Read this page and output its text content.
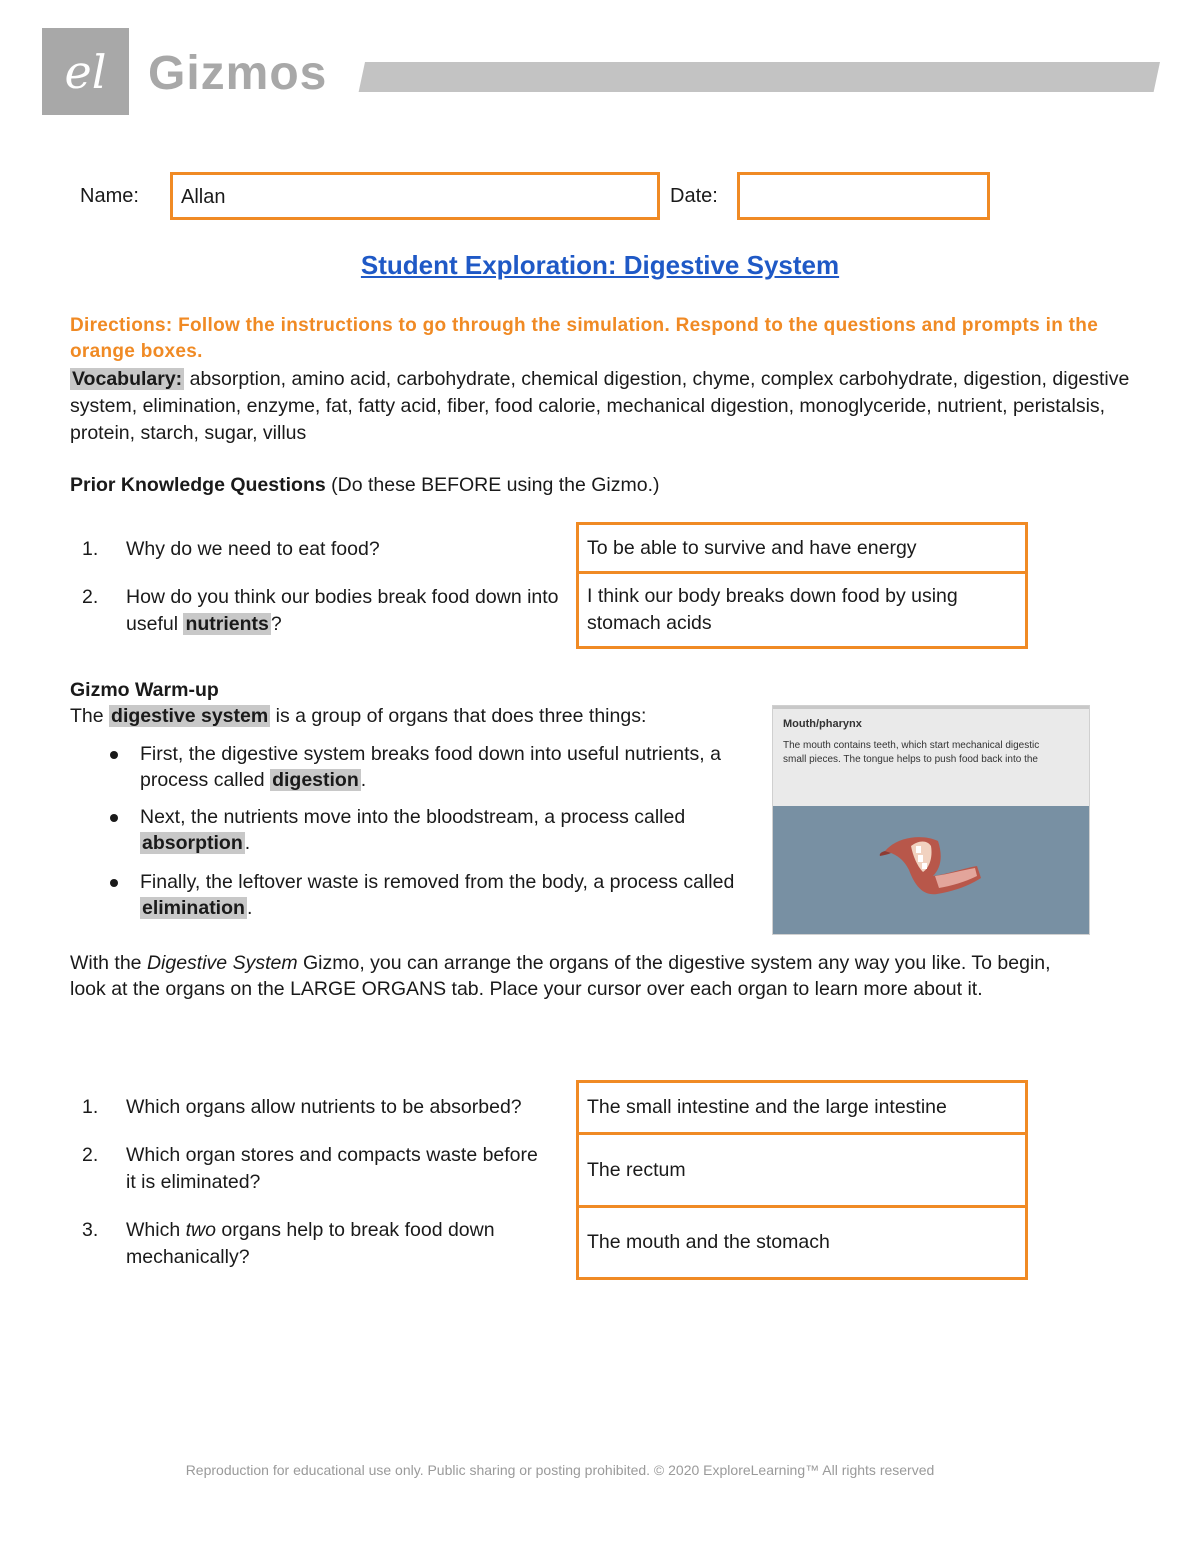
el Gizmos
Name:	Allan	Date:
Student Exploration: Digestive System
Directions: Follow the instructions to go through the simulation. Respond to the questions and prompts in the orange boxes.
Vocabulary: absorption, amino acid, carbohydrate, chemical digestion, chyme, complex carbohydrate, digestion, digestive system, elimination, enzyme, fat, fatty acid, fiber, food calorie, mechanical digestion, monoglyceride, nutrient, peristalsis, protein, starch, sugar, villus
Prior Knowledge Questions (Do these BEFORE using the Gizmo.)
1. Why do we need to eat food?
2. How do you think our bodies break food down into useful nutrients ?
To be able to survive and have energy
I think our body breaks down food by using stomach acids
Gizmo Warm-up
The digestive system is a group of organs that does three things:
First, the digestive system breaks food down into useful nutrients, a process called digestion .
Next, the nutrients move into the bloodstream, a process called absorption .
Finally, the leftover waste is removed from the body, a process called elimination .
Mouth/pharynx
The mouth contains teeth, which start mechanical digestic
small pieces. The tongue helps to push food back into the
With the Digestive System Gizmo, you can arrange the organs of the digestive system any way you like. To begin, look at the organs on the LARGE ORGANS tab. Place your cursor over each organ to learn more about it.
1. Which organs allow nutrients to be absorbed?
2. Which organ stores and compacts waste before it is eliminated?
3. Which two organs help to break food down mechanically?
The small intestine and the large intestine
The rectum
The mouth and the stomach
Reproduction for educational use only. Public sharing or posting prohibited. © 2020 ExploreLearning™ All rights reserved
